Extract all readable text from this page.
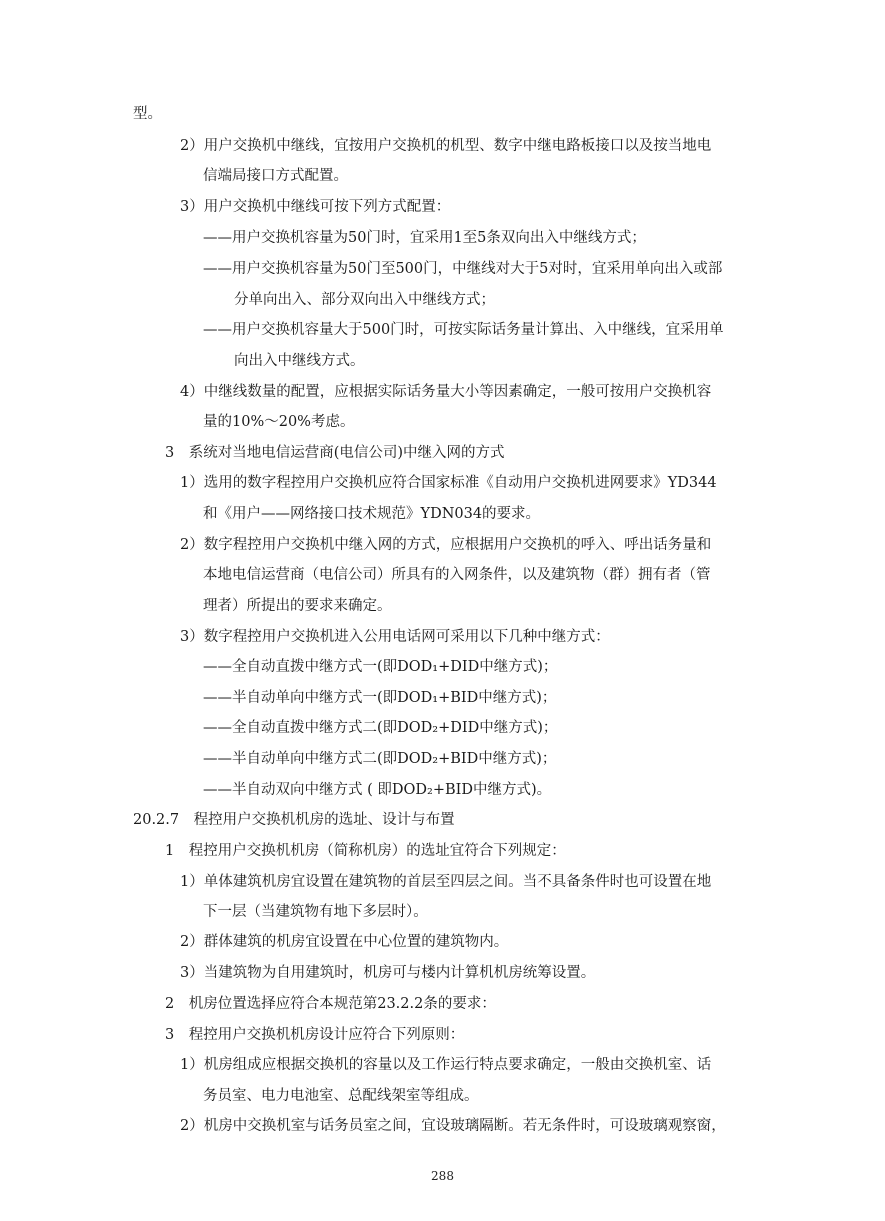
型。
2）用户交换机中继线，宜按用户交换机的机型、数字中继电路板接口以及按当地电
信端局接口方式配置。
3）用户交换机中继线可按下列方式配置：
——用户交换机容量为50门时，宜采用1至5条双向出入中继线方式；
——用户交换机容量为50门至500门，中继线对大于5对时，宜采用单向出入或部
分单向出入、部分双向出入中继线方式；
——用户交换机容量大于500门时，可按实际话务量计算出、入中继线，宜采用单
向出入中继线方式。
4）中继线数量的配置，应根据实际话务量大小等因素确定，一般可按用户交换机容
量的10%～20%考虑。
3　系统对当地电信运营商(电信公司)中继入网的方式
1）选用的数字程控用户交换机应符合国家标准《自动用户交换机进网要求》YD344
和《用户——网络接口技术规范》YDN034的要求。
2）数字程控用户交换机中继入网的方式，应根据用户交换机的呼入、呼出话务量和
本地电信运营商（电信公司）所具有的入网条件，以及建筑物（群）拥有者（管
理者）所提出的要求来确定。
3）数字程控用户交换机进入公用电话网可采用以下几种中继方式：
——全自动直拨中继方式一(即DOD₁+DID中继方式)；
——半自动单向中继方式一(即DOD₁+BID中继方式)；
——全自动直拨中继方式二(即DOD₂+DID中继方式)；
——半自动单向中继方式二(即DOD₂+BID中继方式)；
——半自动双向中继方式 ( 即DOD₂+BID中继方式)。
20.2.7　程控用户交换机机房的选址、设计与布置
1　程控用户交换机机房（简称机房）的选址宜符合下列规定：
1）单体建筑机房宜设置在建筑物的首层至四层之间。当不具备条件时也可设置在地
下一层（当建筑物有地下多层时）。
2）群体建筑的机房宜设置在中心位置的建筑物内。
3）当建筑物为自用建筑时，机房可与楼内计算机机房统筹设置。
2　机房位置选择应符合本规范第23.2.2条的要求：
3　程控用户交换机机房设计应符合下列原则：
1）机房组成应根据交换机的容量以及工作运行特点要求确定，一般由交换机室、话
务员室、电力电池室、总配线架室等组成。
2）机房中交换机室与话务员室之间，宜设玻璃隔断。若无条件时，可设玻璃观察窗，
288
